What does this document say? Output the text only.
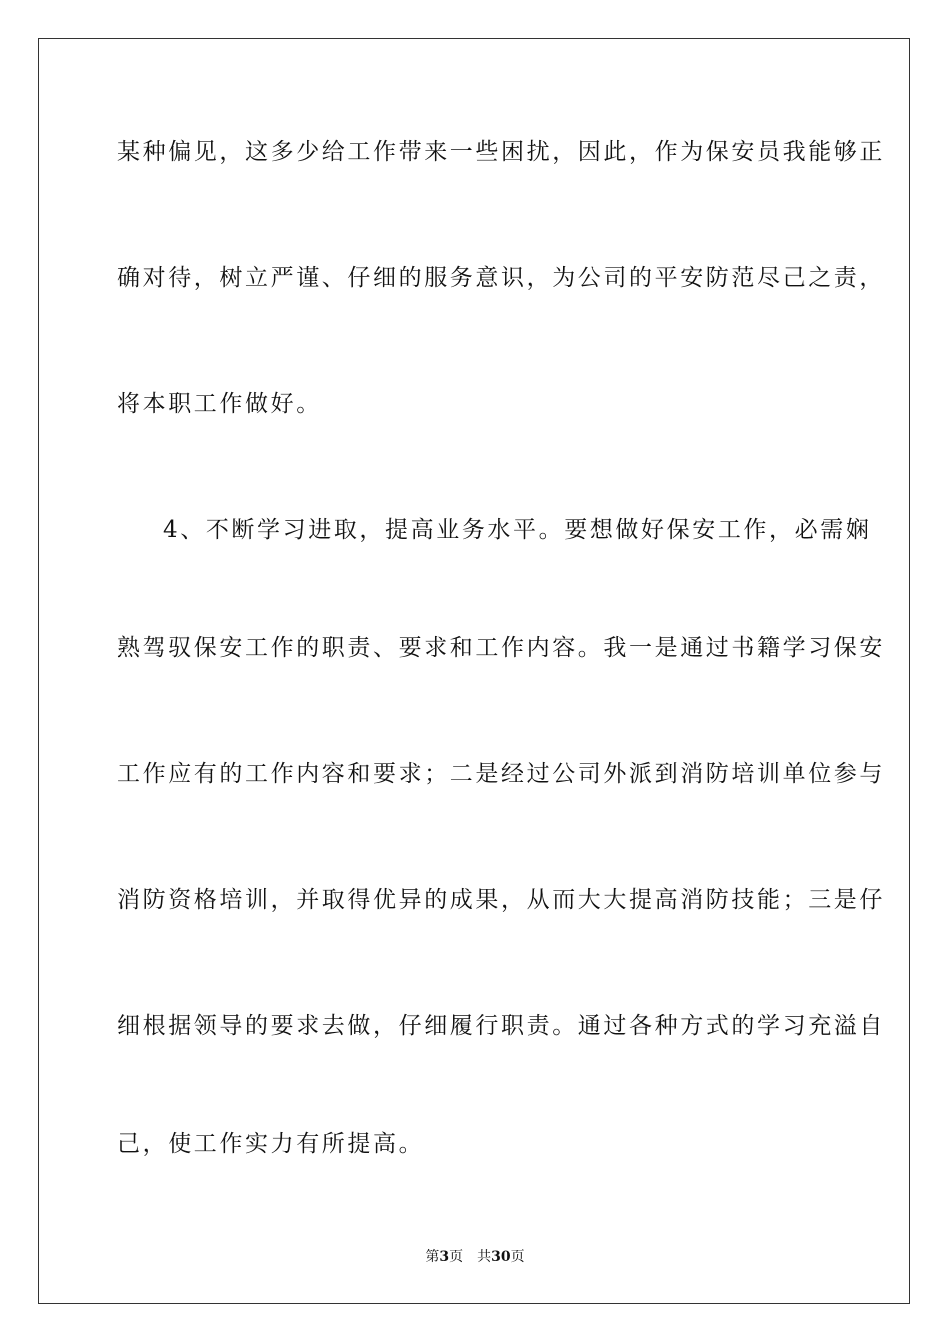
某种偏见，这多少给工作带来一些困扰，因此，作为保安员我能够正
确对待，树立严谨、仔细的服务意识，为公司的平安防范尽己之责，
将本职工作做好。
4、不断学习进取，提高业务水平。要想做好保安工作，必需娴
熟驾驭保安工作的职责、要求和工作内容。我一是通过书籍学习保安
工作应有的工作内容和要求；二是经过公司外派到消防培训单位参与
消防资格培训，并取得优异的成果，从而大大提高消防技能；三是仔
细根据领导的要求去做，仔细履行职责。通过各种方式的学习充溢自
己，使工作实力有所提高。
第3页 共30页
